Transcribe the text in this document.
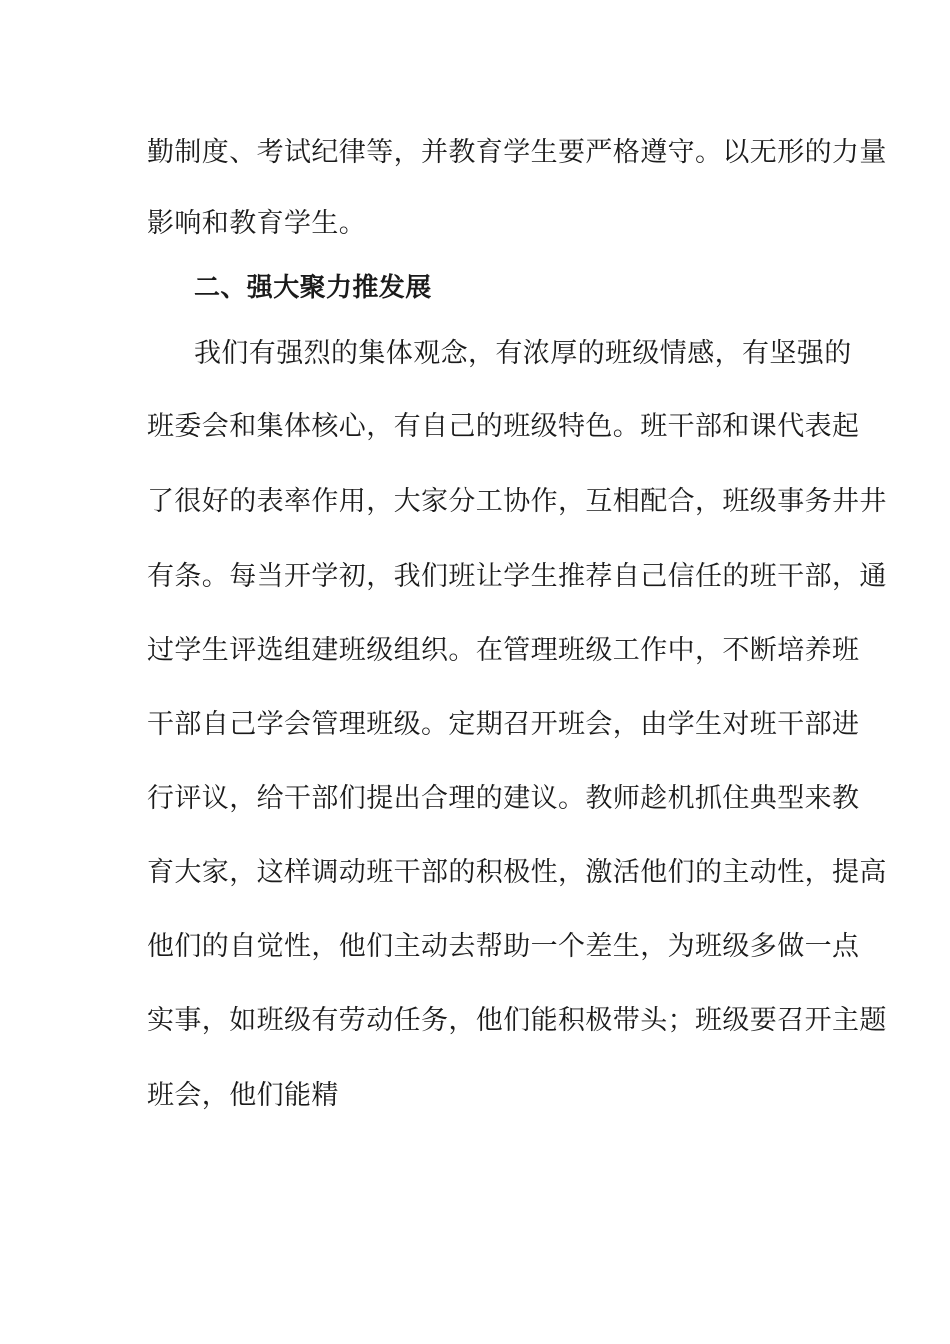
勤制度、考试纪律等，并教育学生要严格遵守。以无形的力量
影响和教育学生。
二、强大聚力推发展
我们有强烈的集体观念，有浓厚的班级情感，有坚强的
班委会和集体核心，有自己的班级特色。班干部和课代表起
了很好的表率作用，大家分工协作，互相配合，班级事务井井
有条。每当开学初，我们班让学生推荐自己信任的班干部，通
过学生评选组建班级组织。在管理班级工作中，不断培养班
干部自己学会管理班级。定期召开班会，由学生对班干部进
行评议，给干部们提出合理的建议。教师趁机抓住典型来教
育大家，这样调动班干部的积极性，激活他们的主动性，提高
他们的自觉性，他们主动去帮助一个差生，为班级多做一点
实事，如班级有劳动任务，他们能积极带头；班级要召开主题
班会，他们能精
